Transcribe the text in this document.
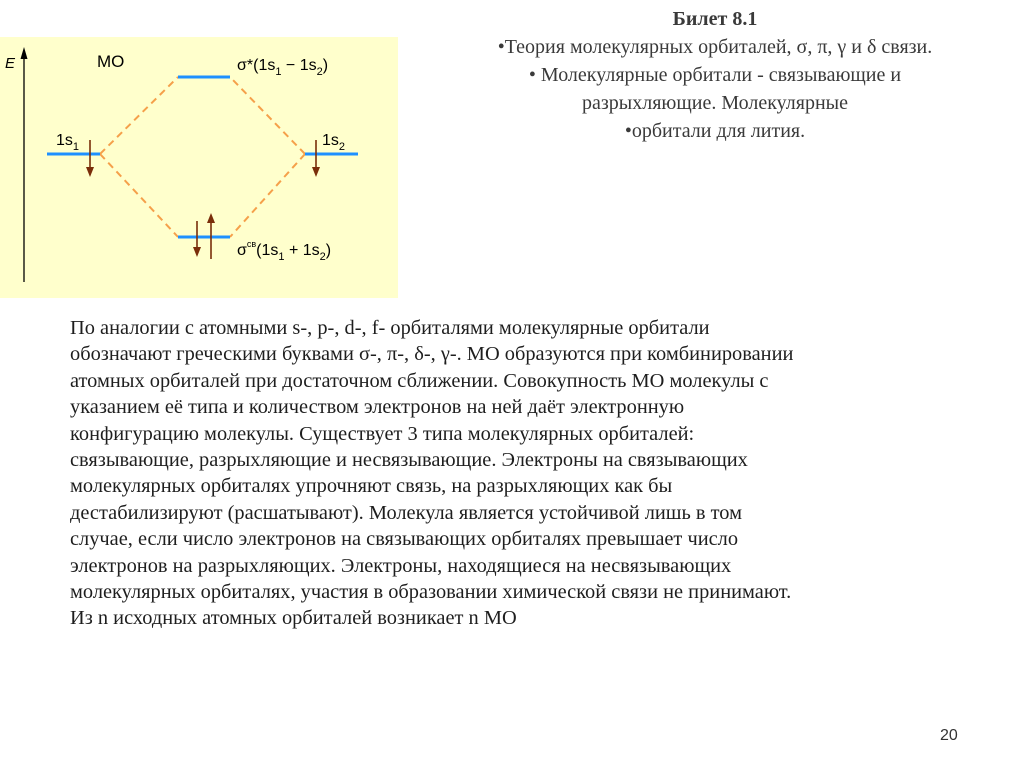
E	MO
$1s_1$	$1s_2$
$\sigma*(1s_1 - 1s_2)$
$\sigma^{св}(1s_1 + 1s_2)$
Билет 8.1
•Теория молекулярных орбиталей, σ, π, γ и δ связи.
• Молекулярные орбитали - связывающие и
разрыхляющие. Молекулярные
•орбитали для лития.
По аналогии с атомными s-, p-, d-, f- орбиталями молекулярные орбитали
обозначают греческими буквами σ-, π-, δ-, γ-. МО образуются при комбинировании
атомных орбиталей при достаточном сближении. Совокупность МО молекулы с
указанием её типа и количеством электронов на ней даёт электронную
конфигурацию молекулы. Существует 3 типа молекулярных орбиталей:
связывающие, разрыхляющие и несвязывающие. Электроны на связывающих
молекулярных орбиталях упрочняют связь, на разрыхляющих как бы
дестабилизируют (расшатывают). Молекула является устойчивой лишь в том
случае, если число электронов на связывающих орбиталях превышает число
электронов на разрыхляющих. Электроны, находящиеся на несвязывающих
молекулярных орбиталях, участия в образовании химической связи не принимают.
Из n исходных атомных орбиталей возникает n МО
20
